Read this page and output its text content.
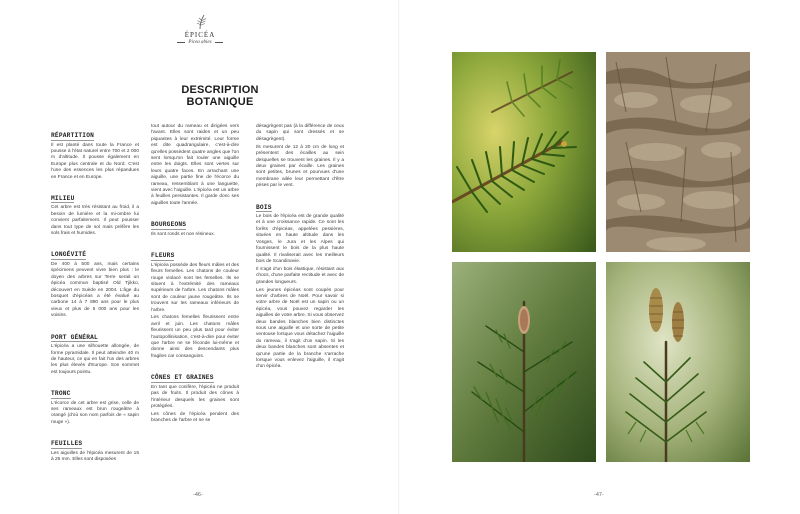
ÉPICÉA
Picea abies
DESCRIPTION BOTANIQUE
RÉPARTITION

Il est planté dans toute la France et pousse à l'état naturel entre 700 et 2 000 m d'altitude. Il pousse également en Europe plus centrale et du Nord. C'est l'une des essences les plus répandues en France et en Europe.

MILIEU

Cet arbre est très résistant au froid, il a besoin de lumière et la mi-ombre lui convient parfaitement. Il peut pousser dans tout type de sol mais préfère les sols frais et humides.

LONGÉVITÉ

De 400 à 500 ans, mais certains spécimens peuvent vivre bien plus : le doyen des arbres sur Terre serait un épicéa commun baptisé Old Tjikko, découvert en Suède en 2004. L'âge du bosquet d'épicéas a été évalué au carbone 14 à 7 890 ans pour le plus vieux et plus de 5 000 ans pour les voisins.

PORT GÉNÉRAL

L'épicéa a une silhouette allongée, de forme pyramidale. Il peut atteindre 40 m de hauteur, ce qui en fait l'un des arbres les plus élevés d'Europe. Son sommet est toujours pointu.

TRONC

L'écorce de cet arbre est grise, celle de ses rameaux est brun rougeâtre à orangé (d'où son nom parfois de « sapin rouge »).

FEUILLES

Les aiguilles de l'épicéa mesurent de 15 à 25 mm. Elles sont disposées

tout autour du rameau et dirigées vers l'avant. Elles sont raides et un peu piquantes à leur extrémité. Leur forme est dite quadrangulaire, c'est-à-dire qu'elles possèdent quatre angles que l'on sent lorsqu'on fait rouler une aiguille entre les doigts. Elles sont vertes sur leurs quatre faces. En arrachant une aiguille, une partie fine de l'écorce du rameau, ressemblant à une languette, vient avec l'aiguille. L'épicéa est un arbre à feuilles persistantes. Il garde donc ses aiguilles toute l'année.

BOURGEONS

Ils sont ronds et non résineux.

FLEURS

L'épicéa possède des fleurs mâles et des fleurs femelles. Les chatons de couleur rouge violacé sont les femelles. Ils se situent à l'extrémité des rameaux supérieurs de l'arbre. Les chatons mâles sont de couleur jaune rougeâtre. Ils se trouvent sur les rameaux inférieurs de l'arbre.

Les chatons femelles fleurissent entre avril et juin. Les chatons mâles fleurissent un peu plus tard pour éviter l'autopollinisation, c'est-à-dire pour éviter que l'arbre ne se féconde lui-même et donne ainsi des descendants plus fragiles car consanguins.

CÔNES ET GRAINES

En tant que conifère, l'épicéa ne produit pas de fruits. Il produit des cônes à l'intérieur desquels les graines sont protégées.

Les cônes de l'épicéa pendent des branches de l'arbre et ne se

désagrègent pas (à la différence de ceux du sapin qui sont dressés et se désagrègent).

Ils mesurent de 12 à 20 cm de long et présentent des écailles au sein desquelles se trouvent les graines. Il y a deux graines par écaille. Les graines sont petites, brunes et pourvues d'une membrane ailée leur permettant d'être prises par le vent.

BOIS

Le bois de l'épicéa est de grande qualité et à une croissance rapide. Ce sont les forêts d'épicéas, appelées pessières, situées en haute altitude dans les Vosges, le Jura et les Alpes qui fournissent le bois de la plus haute qualité. Il rivaliserait avec les meilleurs bois de Scandinavie.

Il s'agit d'un bois élastique, résistant aux chocs, d'une parfaite rectitude et avec de grandes longueurs.

Les jeunes épicéas sont coupés pour servir d'arbres de Noël. Pour savoir si votre arbre de Noël est un sapin ou un épicéa, vous pouvez regarder les aiguilles de votre arbre. Si vous observez deux bandes blanches bien distinctes sous une aiguille et une sorte de petite ventouse lorsque vous détachez l'aiguille du rameau, il s'agit d'un sapin. Si les deux bandes blanches sont absentes et qu'une partie de la branche s'arrache lorsque vous enlevez l'aiguille, il s'agit d'un épicéa.

-46-	-47-
